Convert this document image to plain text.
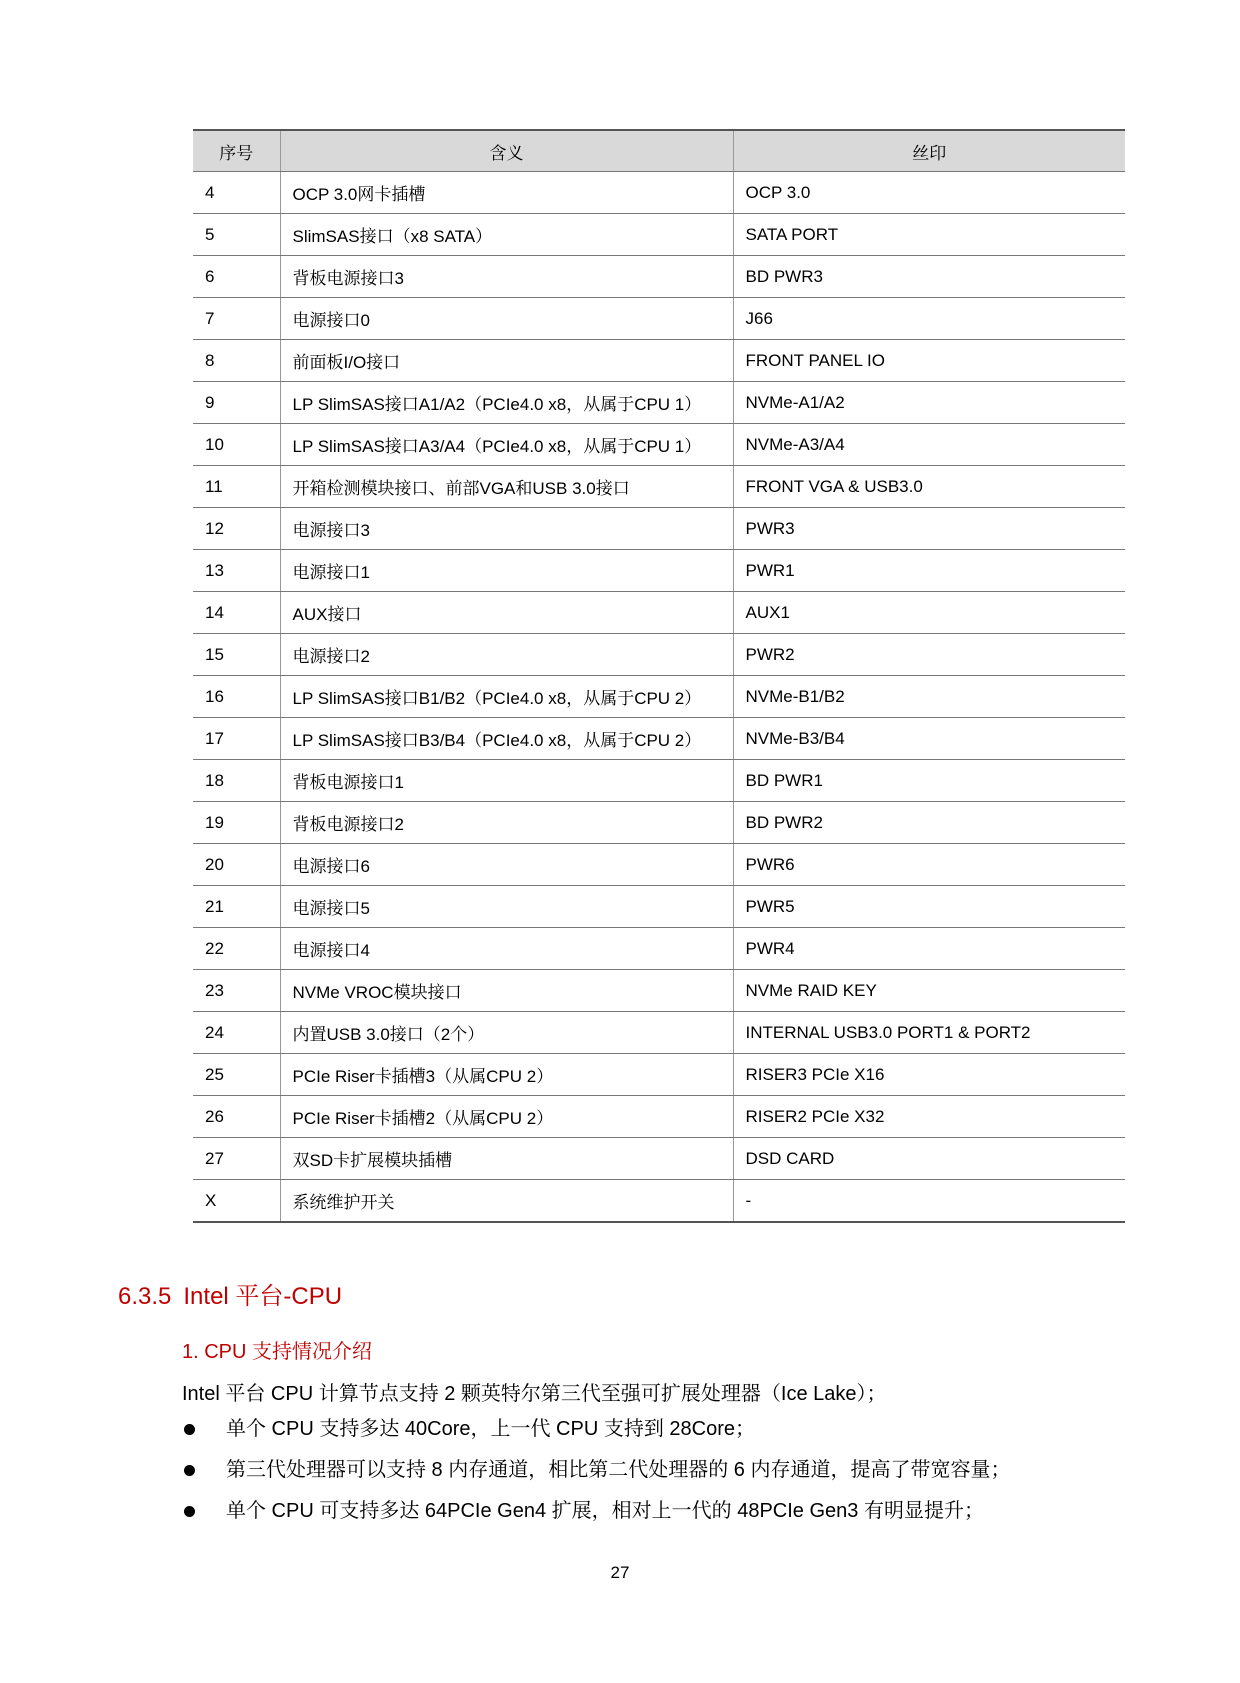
序号	含义	丝印
4	OCP 3.0网卡插槽	OCP 3.0
5	SlimSAS接口（x8 SATA）	SATA PORT
6	背板电源接口3	BD PWR3
7	电源接口0	J66
8	前面板I/O接口	FRONT PANEL IO
9	LP SlimSAS接口A1/A2（PCIe4.0 x8，从属于CPU 1）	NVMe-A1/A2
10	LP SlimSAS接口A3/A4（PCIe4.0 x8，从属于CPU 1）	NVMe-A3/A4
11	开箱检测模块接口、前部VGA和USB 3.0接口	FRONT VGA & USB3.0
12	电源接口3	PWR3
13	电源接口1	PWR1
14	AUX接口	AUX1
15	电源接口2	PWR2
16	LP SlimSAS接口B1/B2（PCIe4.0 x8，从属于CPU 2）	NVMe-B1/B2
17	LP SlimSAS接口B3/B4（PCIe4.0 x8，从属于CPU 2）	NVMe-B3/B4
18	背板电源接口1	BD PWR1
19	背板电源接口2	BD PWR2
20	电源接口6	PWR6
21	电源接口5	PWR5
22	电源接口4	PWR4
23	NVMe VROC模块接口	NVMe RAID KEY
24	内置USB 3.0接口（2个）	INTERNAL USB3.0 PORT1 & PORT2
25	PCIe Riser卡插槽3（从属CPU 2）	RISER3 PCIe X16
26	PCIe Riser卡插槽2（从属CPU 2）	RISER2 PCIe X32
27	双SD卡扩展模块插槽	DSD CARD
X	系统维护开关	-
6.3.5 Intel 平台-CPU
1. CPU 支持情况介绍

Intel 平台 CPU 计算节点支持 2 颗英特尔第三代至强可扩展处理器（Ice Lake）；

单个 CPU 支持多达 40Core，上一代 CPU 支持到 28Core；
第三代处理器可以支持 8 内存通道，相比第二代处理器的 6 内存通道，提高了带宽容量；
单个 CPU 可支持多达 64PCIe Gen4 扩展，相对上一代的 48PCIe Gen3 有明显提升；
27
